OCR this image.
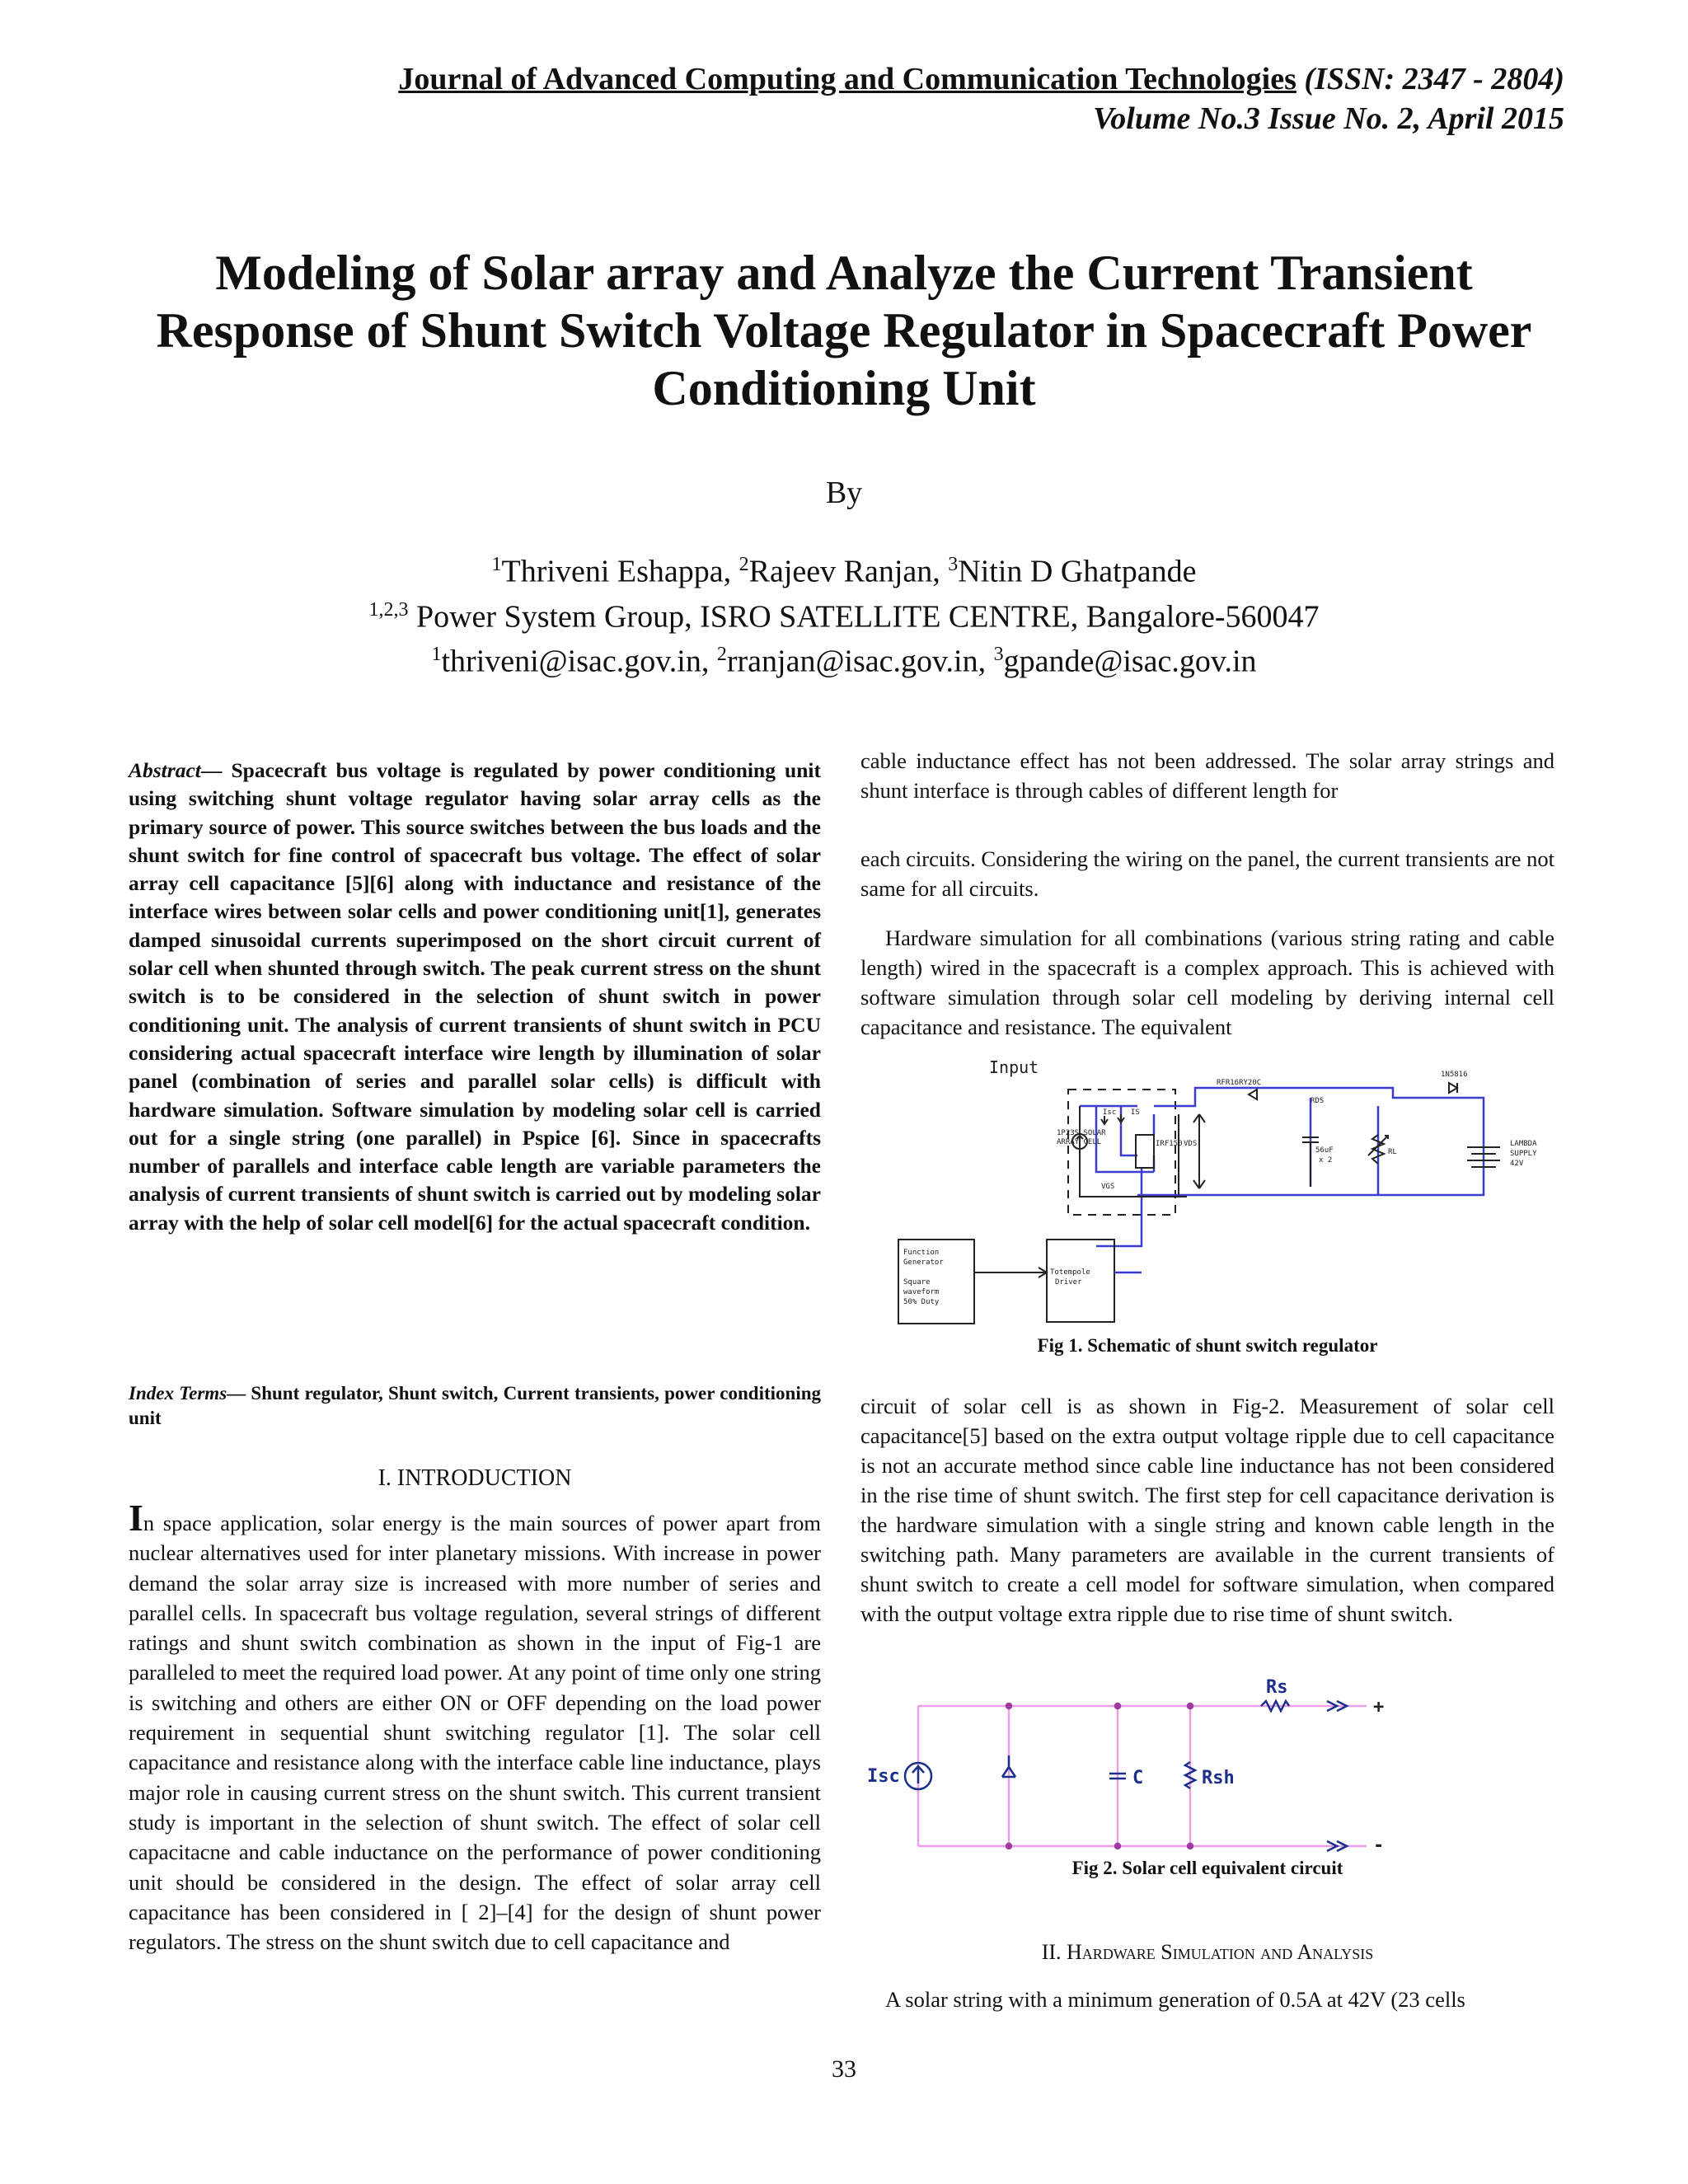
Journal of Advanced Computing and Communication Technologies (ISSN: 2347 - 2804)
Volume No.3 Issue No. 2, April 2015
Modeling of Solar array and Analyze the Current Transient Response of Shunt Switch Voltage Regulator in Spacecraft Power Conditioning Unit
By
$^1$Thriveni Eshappa, $^2$Rajeev Ranjan, $^3$Nitin D Ghatpande
$^{1,2,3}$ Power System Group, ISRO SATELLITE CENTRE, Bangalore-560047
$^1$thriveni@isac.gov.in, $^2$rranjan@isac.gov.in, $^3$gpande@isac.gov.in
Abstract— Spacecraft bus voltage is regulated by power conditioning unit using switching shunt voltage regulator having solar array cells as the primary source of power. This source switches between the bus loads and the shunt switch for fine control of spacecraft bus voltage. The effect of solar array cell capacitance [5][6] along with inductance and resistance of the interface wires between solar cells and power conditioning unit[1], generates damped sinusoidal currents superimposed on the short circuit current of solar cell when shunted through switch. The peak current stress on the shunt switch is to be considered in the selection of shunt switch in power conditioning unit. The analysis of current transients of shunt switch in PCU considering actual spacecraft interface wire length by illumination of solar panel (combination of series and parallel solar cells) is difficult with hardware simulation. Software simulation by modeling solar cell is carried out for a single string (one parallel) in Pspice [6]. Since in spacecrafts number of parallels and interface cable length are variable parameters the analysis of current transients of shunt switch is carried out by modeling solar array with the help of solar cell model[6] for the actual spacecraft condition.
Index Terms— Shunt regulator, Shunt switch, Current transients, power conditioning unit
I. INTRODUCTION
In space application, solar energy is the main sources of power apart from nuclear alternatives used for inter planetary missions. With increase in power demand the solar array size is increased with more number of series and parallel cells. In spacecraft bus voltage regulation, several strings of different ratings and shunt switch combination as shown in the input of Fig-1 are paralleled to meet the required load power. At any point of time only one string is switching and others are either ON or OFF depending on the load power requirement in sequential shunt switching regulator [1]. The solar cell capacitance and resistance along with the interface cable line inductance, plays major role in causing current stress on the shunt switch. This current transient study is important in the selection of shunt switch. The effect of solar cell capacitacne and cable inductance on the performance of power conditioning unit should be considered in the design. The effect of solar array cell capacitance has been considered in [ 2]–[4] for the design of shunt power regulators. The stress on the shunt switch due to cell capacitance and
cable inductance effect has not been addressed. The solar array strings and shunt interface is through cables of different length for
each circuits. Considering the wiring on the panel, the current transients are not same for all circuits.

Hardware simulation for all combinations (various string rating and cable length) wired in the spacecraft is a complex approach. This is achieved with software simulation through solar cell modeling by deriving internal cell capacitance and resistance. The equivalent

Input
1P23S SOLAR
ARRAY CELL
Isc IS
IRF150 VDS
VGS
RFR16RY20C
RDS
56uF
x 2
RL
1N5816
LAMBDA
SUPPLY
42V
Function
Generator
Square
waveform
50% Duty
Totempole
Driver
Fig 1. Schematic of shunt switch regulator
circuit of solar cell is as shown in Fig-2. Measurement of solar cell capacitance[5] based on the extra output voltage ripple due to cell capacitance is not an accurate method since cable line inductance has not been considered in the rise time of shunt switch. The first step for cell capacitance derivation is the hardware simulation with a single string and known cable length in the switching path. Many parameters are available in the current transients of shunt switch to create a cell model for software simulation, when compared with the output voltage extra ripple due to rise time of shunt switch.
Isc	C	Rsh
Rs
+
-
Fig 2. Solar cell equivalent circuit
II. Hardware Simulation and Analysis
A solar string with a minimum generation of 0.5A at 42V (23 cells
33
